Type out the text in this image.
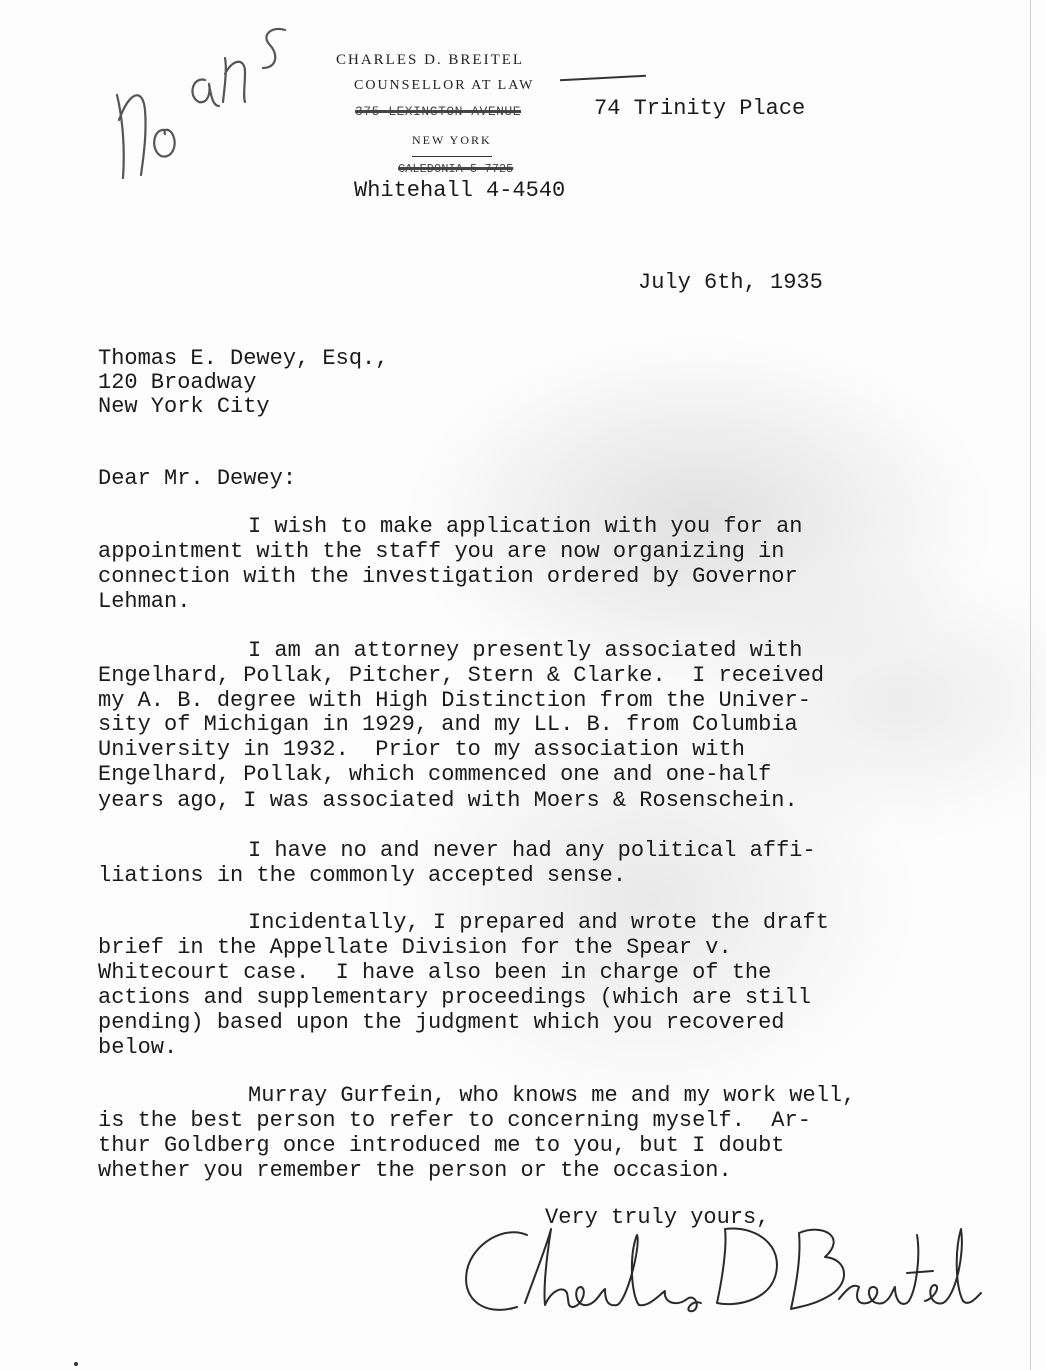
CHARLES D. BREITEL
COUNSELLOR AT LAW
375 LEXINGTON AVENUE	74 Trinity Place
NEW YORK
CALEDONIA 5-7725
Whitehall 4-4540
July 6th, 1935
Thomas E. Dewey, Esq.,
120 Broadway
New York City
Dear Mr. Dewey:
I wish to make application with you for an
appointment with the staff you are now organizing in
connection with the investigation ordered by Governor
Lehman.
I am an attorney presently associated with
Engelhard, Pollak, Pitcher, Stern & Clarke.  I received
my A. B. degree with High Distinction from the Univer-
sity of Michigan in 1929, and my LL. B. from Columbia
University in 1932.  Prior to my association with
Engelhard, Pollak, which commenced one and one-half
years ago, I was associated with Moers & Rosenschein.
I have no and never had any political affi-
liations in the commonly accepted sense.
Incidentally, I prepared and wrote the draft
brief in the Appellate Division for the Spear v.
Whitecourt case.  I have also been in charge of the
actions and supplementary proceedings (which are still
pending) based upon the judgment which you recovered
below.
Murray Gurfein, who knows me and my work well,
is the best person to refer to concerning myself.  Ar-
thur Goldberg once introduced me to you, but I doubt
whether you remember the person or the occasion.
Very truly yours,
